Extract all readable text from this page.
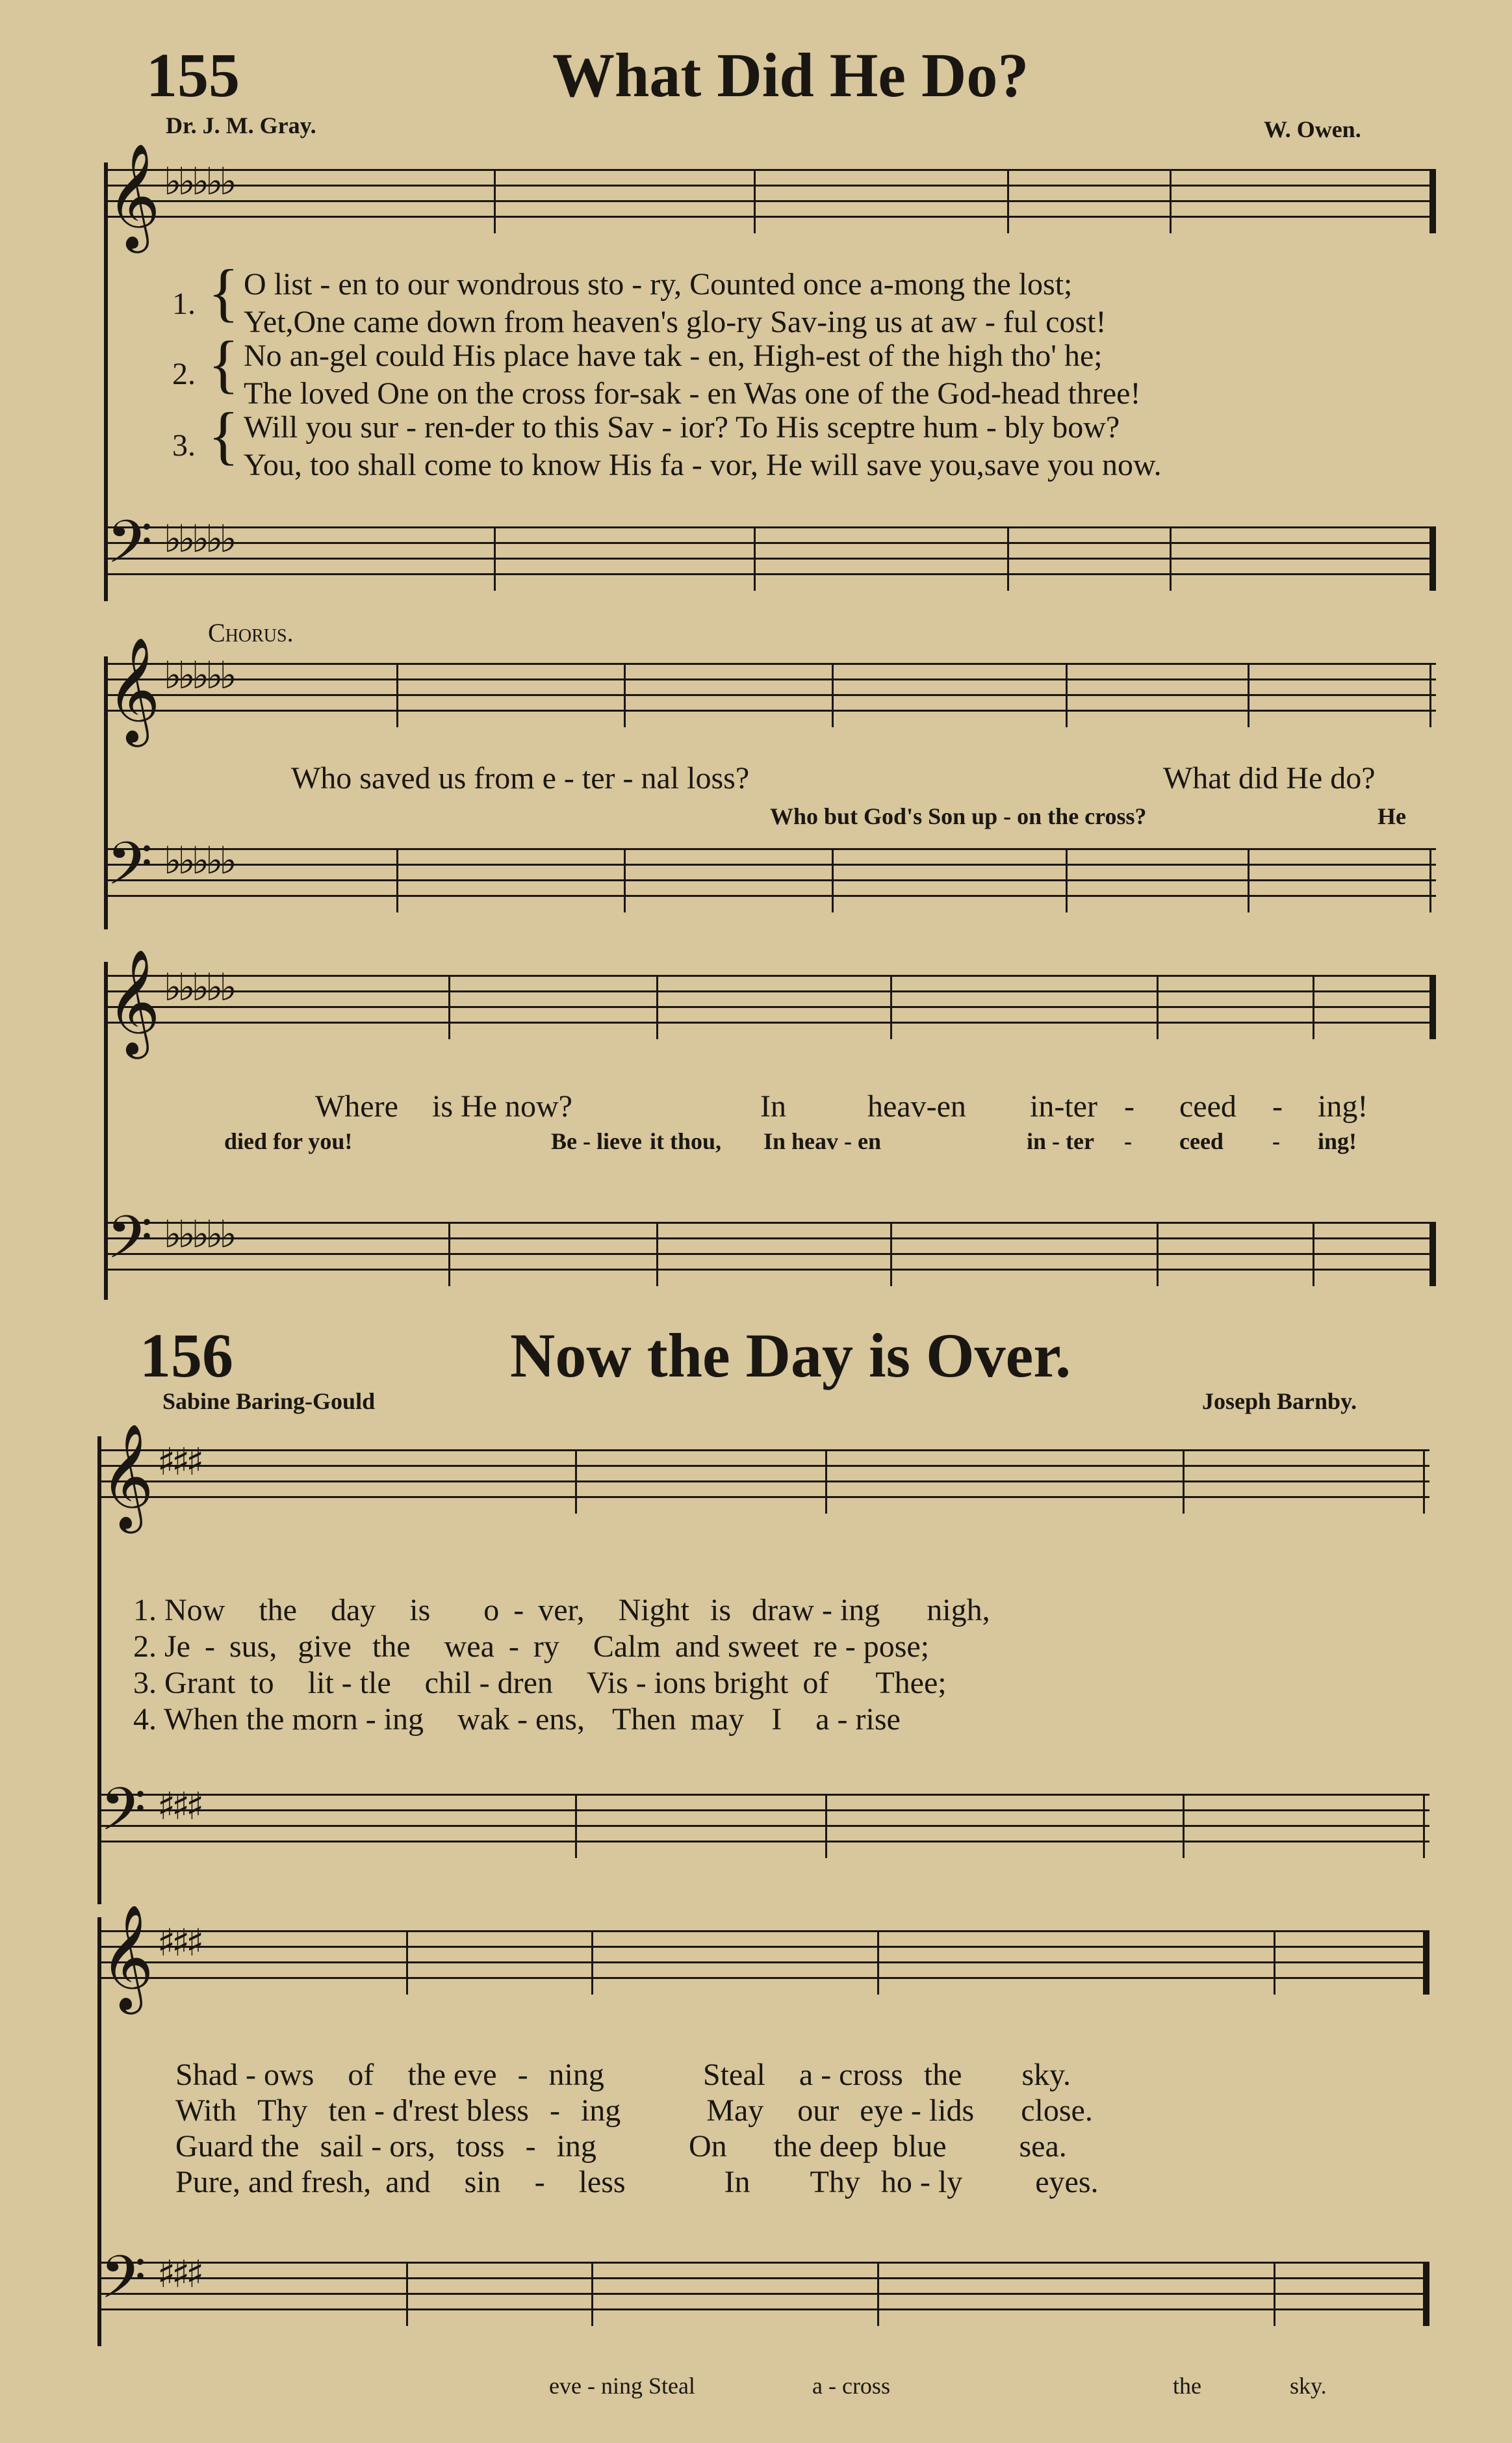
155	What Did He Do?
Dr. J. M. Gray.	W. Owen.
𝄞 ♭♭♭♭♭
1. { O list - en to our wondrous sto - ry, Counted once a-mong the lost;
Yet,One came down from heaven's glo-ry Sav-ing us at aw - ful cost!
2. { No an-gel could His place have tak - en, High-est of the high tho' he;
The loved One on the cross for-sak - en Was one of the God-head three!
3. { Will you sur - ren-der to this Sav - ior? To His sceptre hum - bly bow?
You, too shall come to know His fa - vor, He will save you,save you now.
𝄢 ♭♭♭♭♭
Chorus.
𝄞 ♭♭♭♭♭
Who saved us from e - ter - nal loss?	What did He do?
Who but God's Son up - on the cross?	He
𝄢 ♭♭♭♭♭
𝄞 ♭♭♭♭♭
Where is He now?	In	heav-en in-ter - ceed - ing!
died for you!	Be - lieve it thou, In heav - en	in - ter - ceed - ing!
𝄢 ♭♭♭♭♭
156	Now the Day is Over.
Sabine Baring-Gould	Joseph Barnby.
𝄞 ♯♯♯
1. Now the day is o - ver, Night is draw - ing nigh,
2. Je - sus, give the wea - ry Calm and sweet re - pose;
3. Grant to lit - tle chil - dren Vis - ions bright of Thee;
4. When the morn - ing wak - ens, Then may I a - rise
𝄢 ♯♯♯
𝄞 ♯♯♯
Shad - ows of the eve - ning	Steal a - cross the sky.
With Thy ten - d'rest bless - ing	May our eye - lids close.
Guard the sail - ors, toss - ing	On the deep blue sea.
Pure, and fresh, and sin - less	In Thy ho - ly eyes.
𝄢 ♯♯♯
eve - ning Steal	a - cross	the	sky.
